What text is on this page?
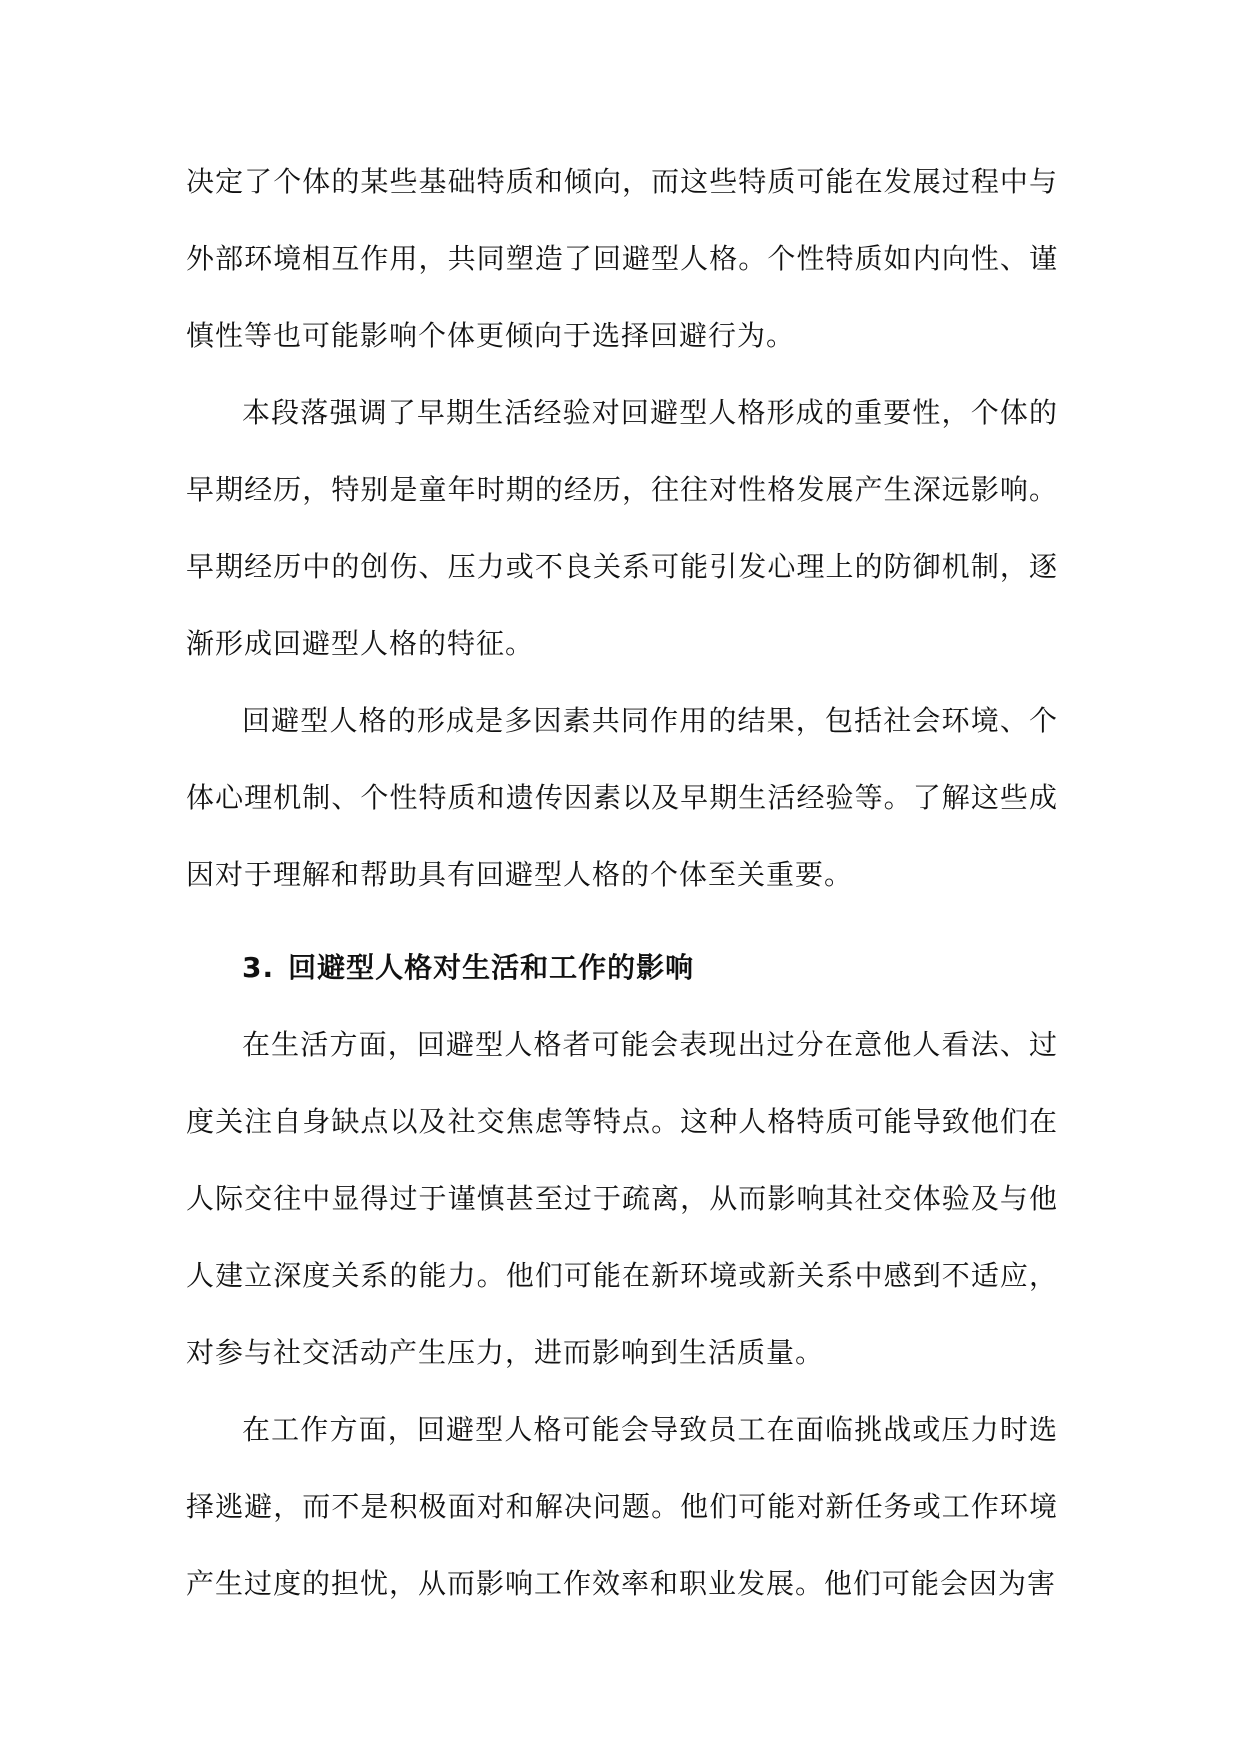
决定了个体的某些基础特质和倾向，而这些特质可能在发展过程中与外部环境相互作用，共同塑造了回避型人格。个性特质如内向性、谨慎性等也可能影响个体更倾向于选择回避行为。

本段落强调了早期生活经验对回避型人格形成的重要性，个体的早期经历，特别是童年时期的经历，往往对性格发展产生深远影响。早期经历中的创伤、压力或不良关系可能引发心理上的防御机制，逐渐形成回避型人格的特征。

回避型人格的形成是多因素共同作用的结果，包括社会环境、个体心理机制、个性特质和遗传因素以及早期生活经验等。了解这些成因对于理解和帮助具有回避型人格的个体至关重要。

3. 回避型人格对生活和工作的影响

在生活方面，回避型人格者可能会表现出过分在意他人看法、过度关注自身缺点以及社交焦虑等特点。这种人格特质可能导致他们在人际交往中显得过于谨慎甚至过于疏离，从而影响其社交体验及与他人建立深度关系的能力。他们可能在新环境或新关系中感到不适应，对参与社交活动产生压力，进而影响到生活质量。

在工作方面，回避型人格可能会导致员工在面临挑战或压力时选择逃避，而不是积极面对和解决问题。他们可能对新任务或工作环境产生过度的担忧，从而影响工作效率和职业发展。他们可能会因为害
